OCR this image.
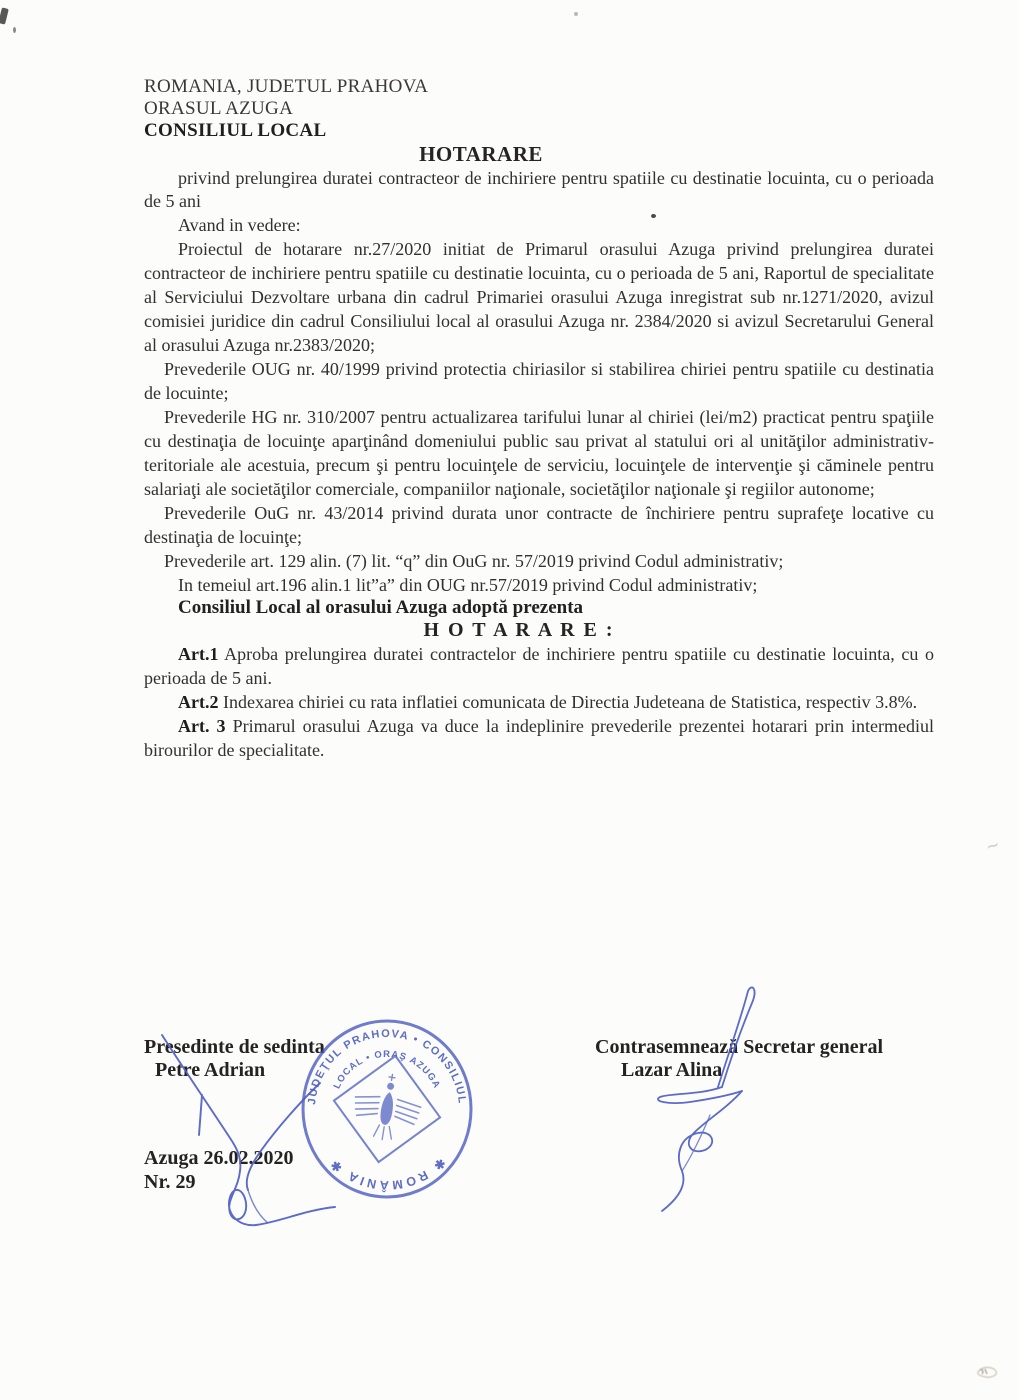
ROMANIA, JUDETUL PRAHOVA

ORASUL AZUGA

CONSILIUL LOCAL

HOTARARE

privind prelungirea duratei contracteor de inchiriere pentru spatiile cu destinatie locuinta, cu o perioada de 5 ani

Avand in vedere:

Proiectul de hotarare nr.27/2020 initiat de Primarul orasului Azuga privind prelungirea duratei contracteor de inchiriere pentru spatiile cu destinatie locuinta, cu o perioada de 5 ani, Raportul de specialitate al Serviciului Dezvoltare urbana din cadrul Primariei orasului Azuga inregistrat sub nr.1271/2020, avizul comisiei juridice din cadrul Consiliului local al orasului Azuga nr. 2384/2020 si avizul Secretarului General al orasului Azuga nr.2383/2020;

Prevederile OUG nr. 40/1999 privind protectia chiriasilor si stabilirea chiriei pentru spatiile cu destinatia de locuinte;

Prevederile HG nr. 310/2007 pentru actualizarea tarifului lunar al chiriei (lei/m2) practicat pentru spaţiile cu destinaţia de locuinţe aparţinând domeniului public sau privat al statului ori al unităţilor administrativ-teritoriale ale acestuia, precum şi pentru locuinţele de serviciu, locuinţele de intervenţie şi căminele pentru salariaţi ale societăţilor comerciale, companiilor naţionale, societăţilor naţionale şi regiilor autonome;

Prevederile OuG nr. 43/2014 privind durata unor contracte de închiriere pentru suprafeţe locative cu destinaţia de locuinţe;

Prevederile art. 129 alin. (7) lit. “q” din OuG nr. 57/2019 privind Codul administrativ;

In temeiul art.196 alin.1 lit”a” din OUG nr.57/2019 privind Codul administrativ;

Consiliul Local al orasului Azuga adoptă prezenta

H O T A R A R E :

Art.1 Aproba prelungirea duratei contractelor de inchiriere pentru spatiile cu destinatie locuinta, cu o perioada de 5 ani.

Art.2 Indexarea chiriei cu rata inflatiei comunicata de Directia Judeteana de Statistica, respectiv 3.8%.

Art. 3 Primarul orasului Azuga va duce la indeplinire prevederile prezentei hotarari prin intermediul birourilor de specialitate.

Presedinte de sedinta
Petre Adrian
Contrasemnează Secretar general
Lazar Alina
Azuga 26.02.2020
Nr. 29
JUDEŢUL PRAHOVA • CONSILIUL
LOCAL • ORAŞ AZUGA
✱ ROMÂNIA ✱
∼
